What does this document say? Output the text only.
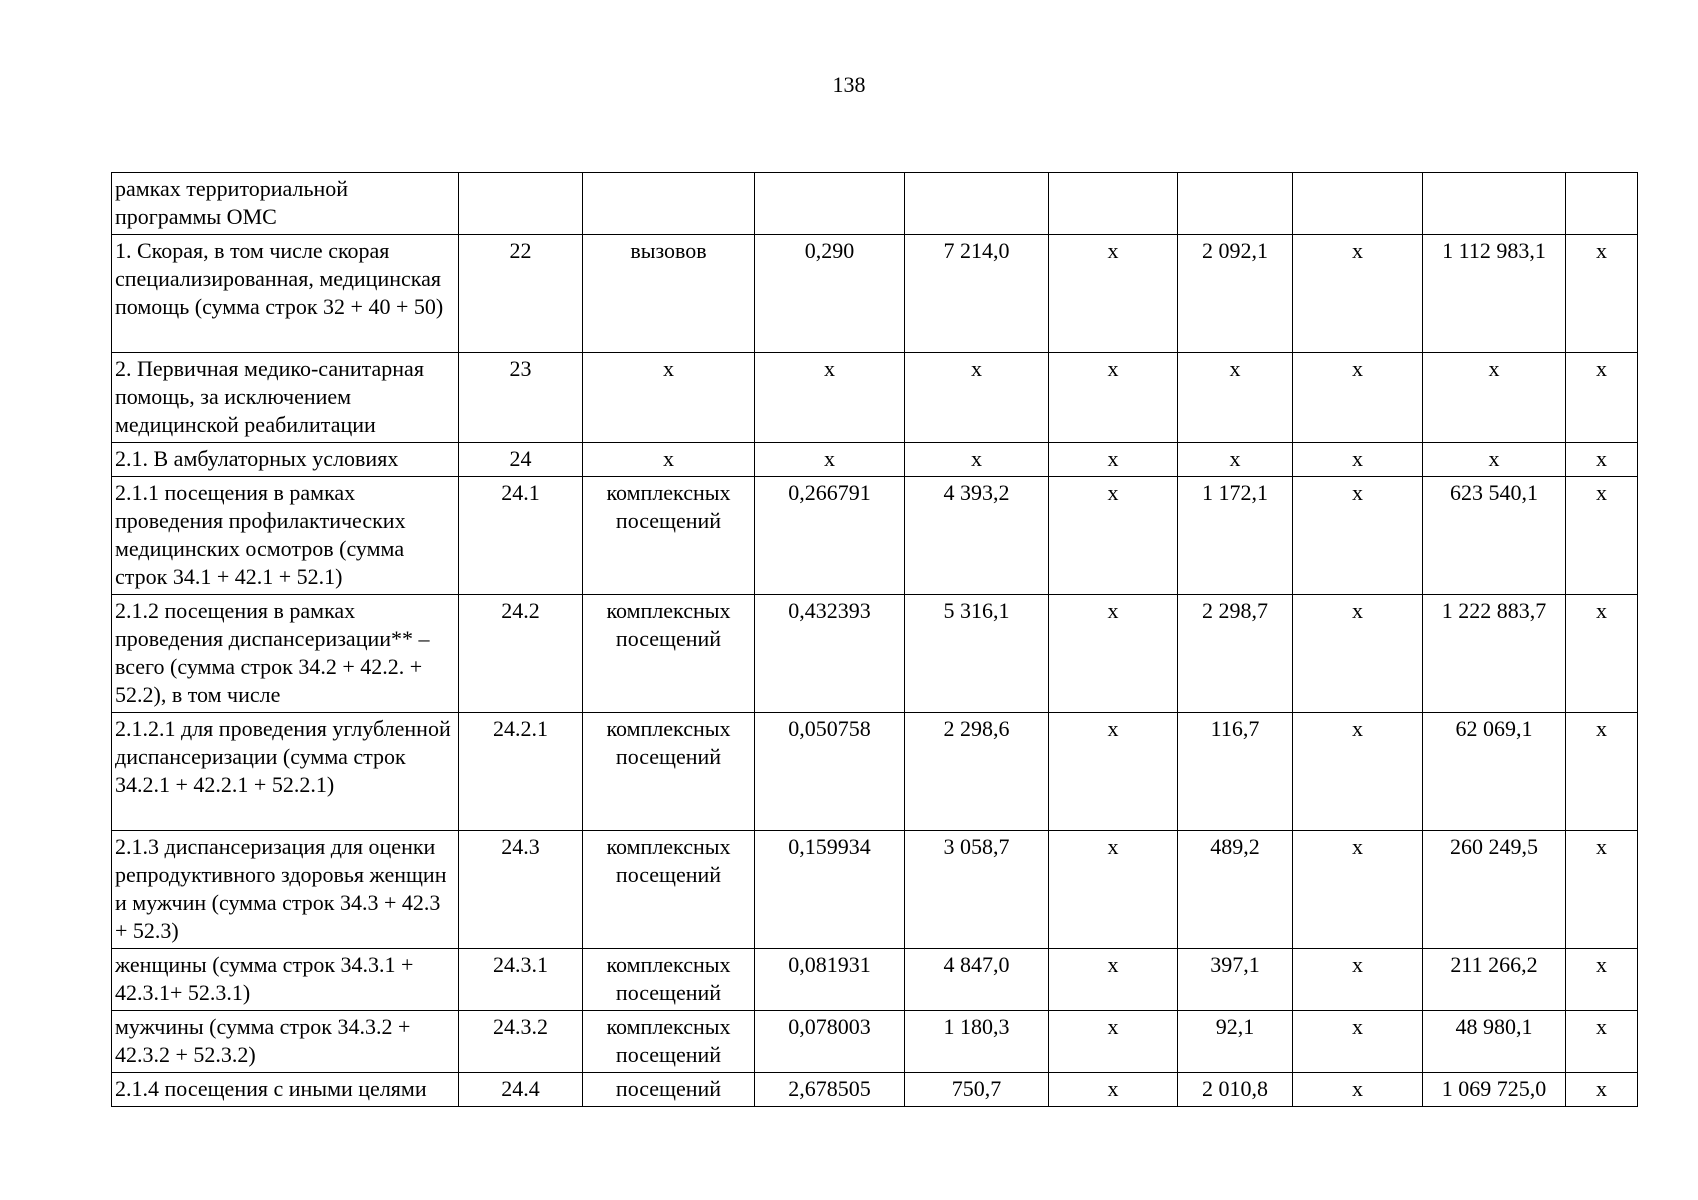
138
рамках территориальной программы ОМС									
1. Скорая, в том числе скорая специализированная, медицинская помощь (сумма строк 32 + 40 + 50)	22	вызовов	0,290	7 214,0	х	2 092,1	х	1 112 983,1	х
2. Первичная медико-санитарная помощь, за исключением медицинской реабилитации	23	х	х	х	х	х	х	х	х
2.1. В амбулаторных условиях	24	х	х	х	х	х	х	х	х
2.1.1 посещения в рамках проведения профилактических медицинских осмотров (сумма строк 34.1 + 42.1 + 52.1)	24.1	комплексных посещений	0,266791	4 393,2	х	1 172,1	х	623 540,1	х
2.1.2 посещения в рамках проведения диспансеризации** – всего (сумма строк 34.2 + 42.2. + 52.2), в том числе	24.2	комплексных посещений	0,432393	5 316,1	х	2 298,7	х	1 222 883,7	х
2.1.2.1 для проведения углубленной диспансеризации (сумма строк 34.2.1 + 42.2.1 + 52.2.1)	24.2.1	комплексных посещений	0,050758	2 298,6	х	116,7	х	62 069,1	х
2.1.3 диспансеризация для оценки репродуктивного здоровья женщин и мужчин (сумма строк 34.3 + 42.3 + 52.3)	24.3	комплексных посещений	0,159934	3 058,7	х	489,2	х	260 249,5	х
женщины (сумма строк 34.3.1 + 42.3.1+ 52.3.1)	24.3.1	комплексных посещений	0,081931	4 847,0	х	397,1	х	211 266,2	х
мужчины (сумма строк 34.3.2 + 42.3.2 + 52.3.2)	24.3.2	комплексных посещений	0,078003	1 180,3	х	92,1	х	48 980,1	х
2.1.4 посещения с иными целями	24.4	посещений	2,678505	750,7	х	2 010,8	х	1 069 725,0	х
